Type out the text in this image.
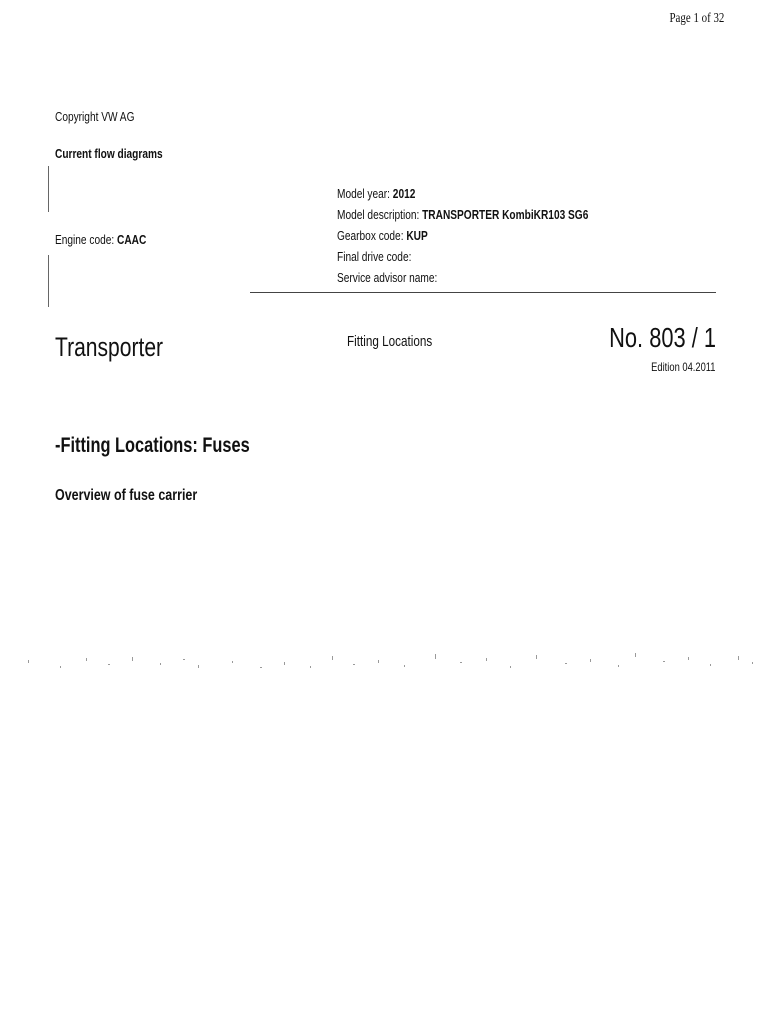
Page 1 of 32
Copyright VW AG
Current flow diagrams
Engine code: CAAC
Model year: 2012
Model description: TRANSPORTER KombiKR103 SG6
Gearbox code: KUP
Final drive code:
Service advisor name:
Transporter	Fitting Locations	No. 803 / 1
Edition 04.2011
-Fitting Locations: Fuses
Overview of fuse carrier
